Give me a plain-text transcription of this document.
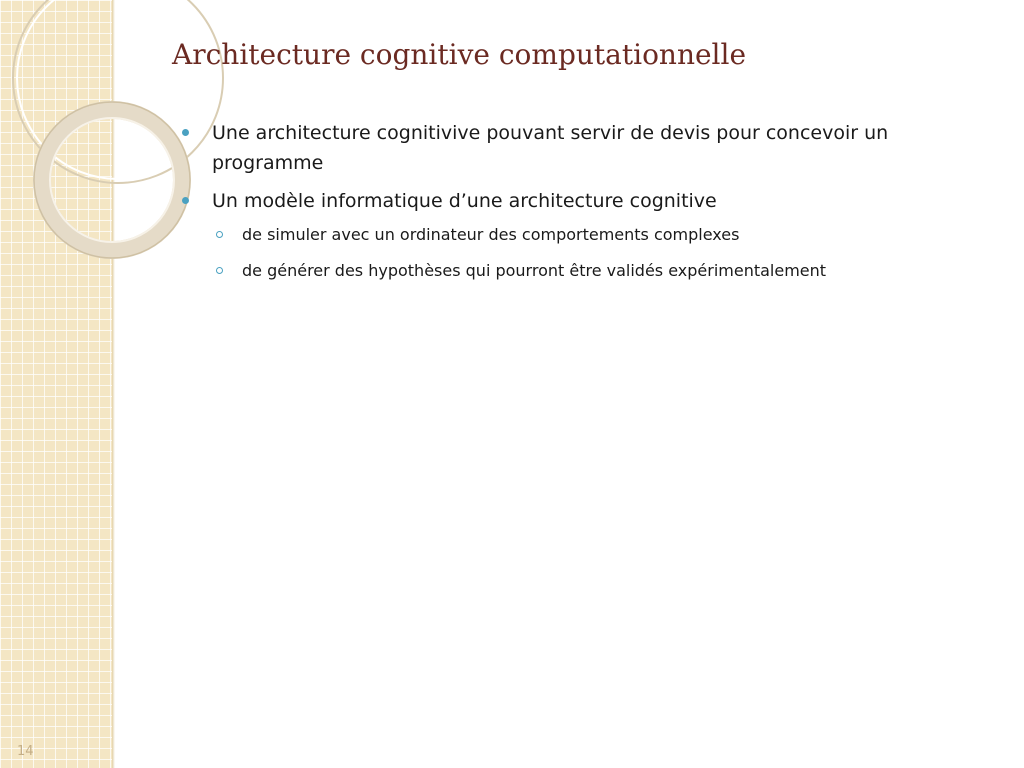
Architecture cognitive computationnelle
Une architecture cognitivive pouvant servir de devis pour concevoir un programme
Un modèle informatique d’une architecture cognitive
de simuler avec un ordinateur des comportements complexes
de générer des hypothèses qui pourront être validés expérimentalement
14
